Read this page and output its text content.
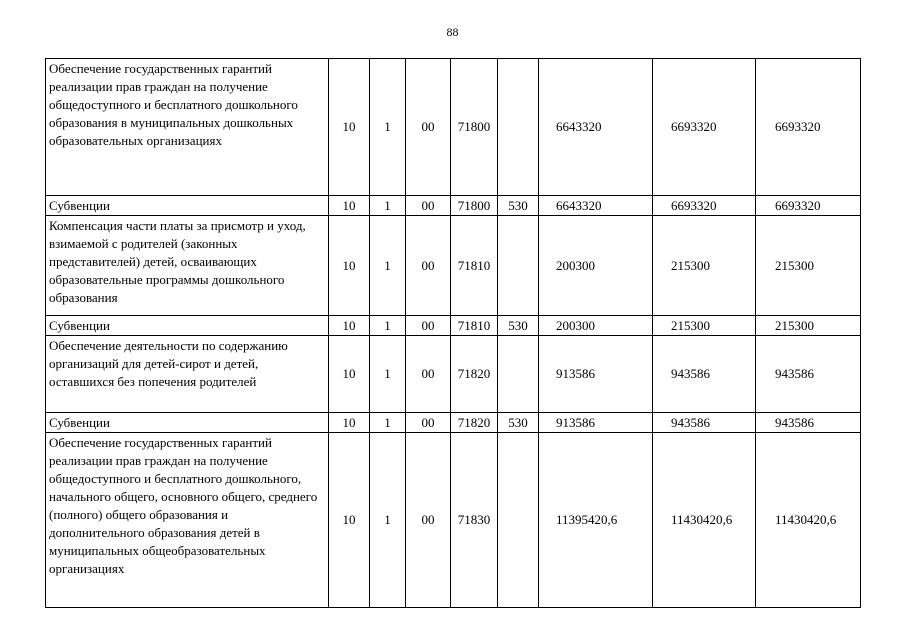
88
Обеспечение государственных гарантий реализации прав граждан на получение общедоступного и бесплатного дошкольного образования в муниципальных дошкольных образовательных организациях	10	1	00	71800		6643320	6693320	6693320
Субвенции	10	1	00	71800	530	6643320	6693320	6693320
Компенсация части платы за присмотр и уход, взимаемой с родителей (законных представителей) детей, осваивающих образовательные программы дошкольного образования	10	1	00	71810		200300	215300	215300
Субвенции	10	1	00	71810	530	200300	215300	215300
Обеспечение деятельности по содержанию организаций для детей-сирот и детей, оставшихся без попечения родителей	10	1	00	71820		913586	943586	943586
Субвенции	10	1	00	71820	530	913586	943586	943586
Обеспечение государственных гарантий реализации прав граждан на получение общедоступного и бесплатного дошкольного, начального общего, основного общего, среднего (полного) общего образования и дополнительного образования детей в муниципальных общеобразовательных организациях	10	1	00	71830		11395420,6	11430420,6	11430420,6
